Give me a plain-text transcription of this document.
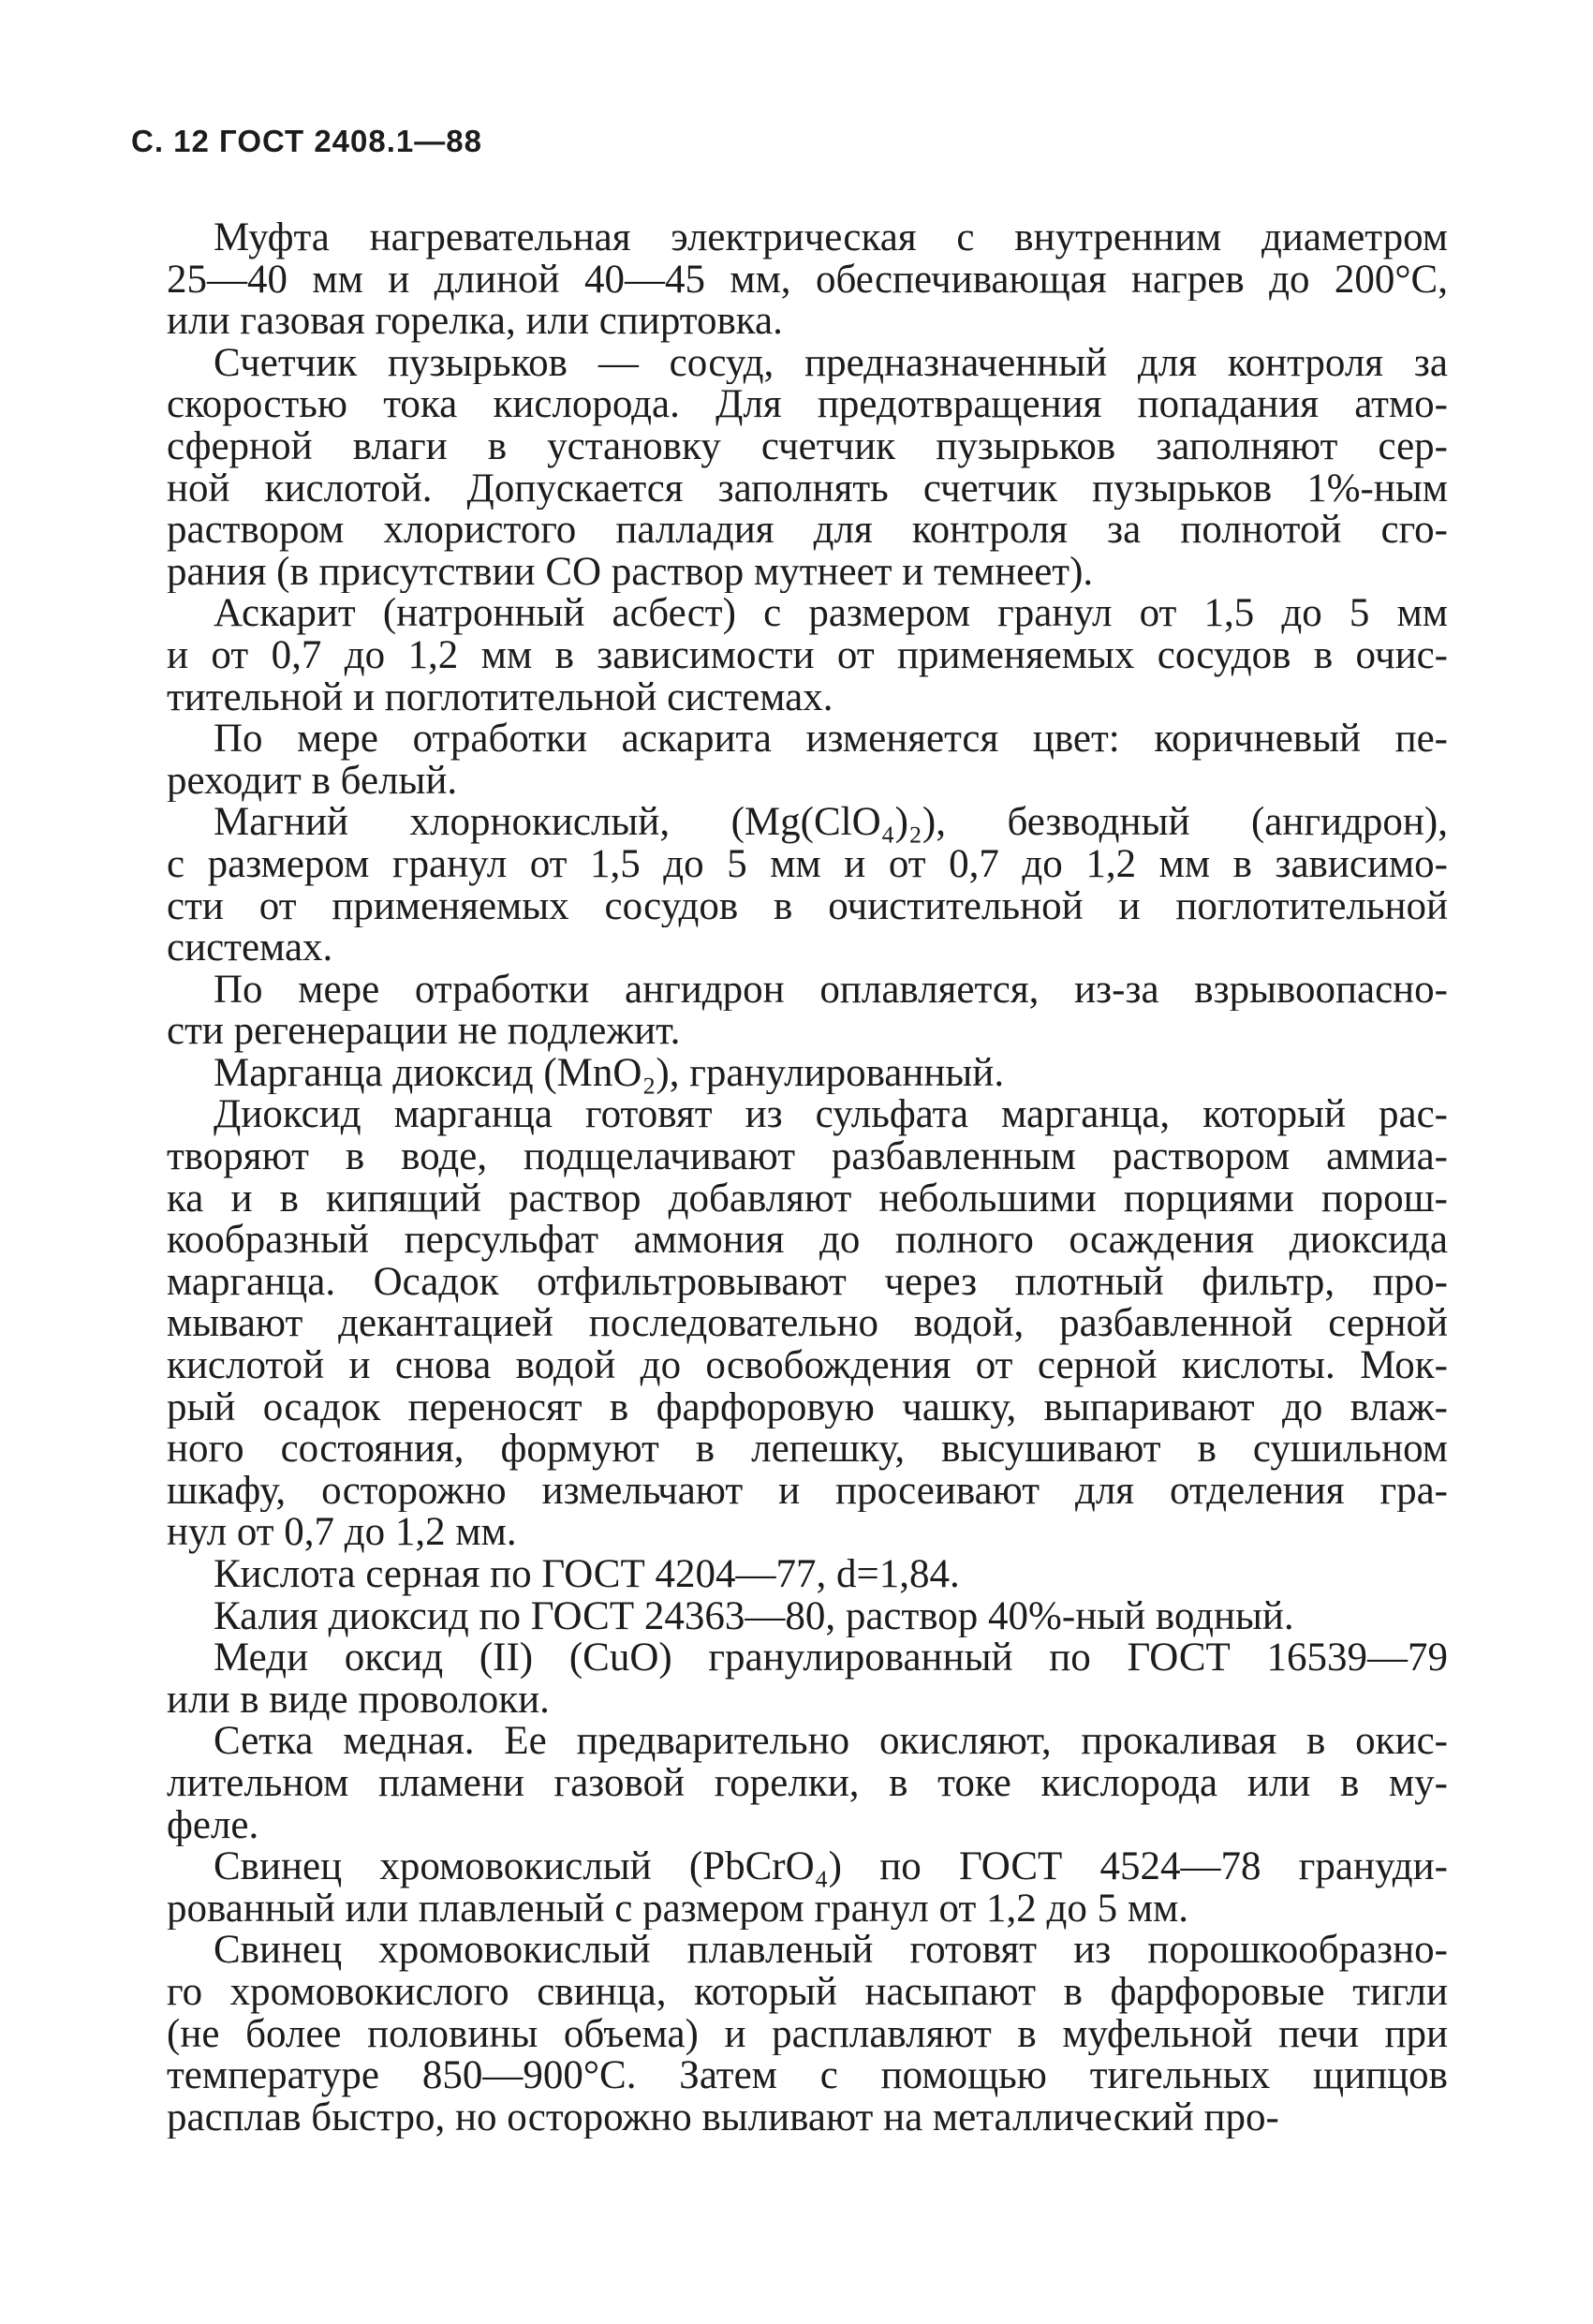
С. 12 ГОСТ 2408.1—88
Муфта нагревательная электрическая с внутренним диаметром
25—40 мм и длиной 40—45 мм, обеспечивающая нагрев до 200°С,
или газовая горелка, или спиртовка.
Счетчик пузырьков — сосуд, предназначенный для контроля за
скоростью тока кислорода. Для предотвращения попадания атмо-
сферной влаги в установку счетчик пузырьков заполняют сер-
ной кислотой. Допускается заполнять счетчик пузырьков 1%-ным
раствором хлористого палладия для контроля за полнотой сго-
рания (в присутствии СО раствор мутнеет и темнеет).
Аскарит (натронный асбест) с размером гранул от 1,5 до 5 мм
и от 0,7 до 1,2 мм в зависимости от применяемых сосудов в очис-
тительной и поглотительной системах.
По мере отработки аскарита изменяется цвет: коричневый пе-
реходит в белый.
Магний хлорнокислый, (Mg(ClO₄)₂), безводный (ангидрон),
с размером гранул от 1,5 до 5 мм и от 0,7 до 1,2 мм в зависимо-
сти от применяемых сосудов в очистительной и поглотительной
системах.
По мере отработки ангидрон оплавляется, из-за взрывоопасно-
сти регенерации не подлежит.
Марганца диоксид (MnO₂), гранулированный.
Диоксид марганца готовят из сульфата марганца, который рас-
творяют в воде, подщелачивают разбавленным раствором аммиа-
ка и в кипящий раствор добавляют небольшими порциями порош-
кообразный персульфат аммония до полного осаждения диоксида
марганца. Осадок отфильтровывают через плотный фильтр, про-
мывают декантацией последовательно водой, разбавленной серной
кислотой и снова водой до освобождения от серной кислоты. Мок-
рый осадок переносят в фарфоровую чашку, выпаривают до влаж-
ного состояния, формуют в лепешку, высушивают в сушильном
шкафу, осторожно измельчают и просеивают для отделения гра-
нул от 0,7 до 1,2 мм.
Кислота серная по ГОСТ 4204—77, d=1,84.
Калия диоксид по ГОСТ 24363—80, раствор 40%-ный водный.
Меди оксид (II) (CuO) гранулированный по ГОСТ 16539—79
или в виде проволоки.
Сетка медная. Ее предварительно окисляют, прокаливая в окис-
лительном пламени газовой горелки, в токе кислорода или в му-
феле.
Свинец хромовокислый (PbCrO₄) по ГОСТ 4524—78 грануди-
рованный или плавленый с размером гранул от 1,2 до 5 мм.
Свинец хромовокислый плавленый готовят из порошкообразно-
го хромовокислого свинца, который насыпают в фарфоровые тигли
(не более половины объема) и расплавляют в муфельной печи при
температуре 850—900°С. Затем с помощью тигельных щипцов
расплав быстро, но осторожно выливают на металлический про-
